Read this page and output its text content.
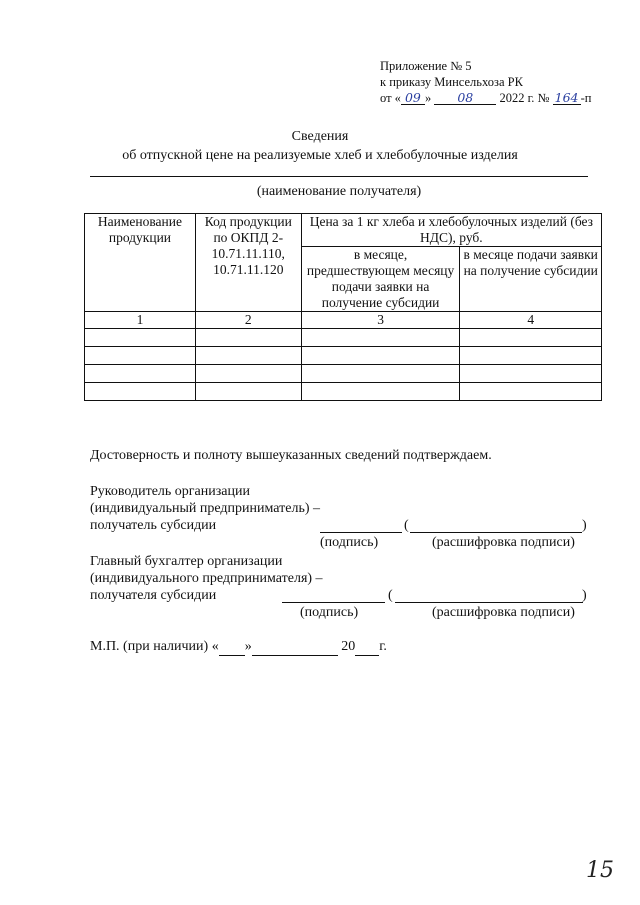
Приложение № 5
к приказу Минсельхоза РК
от « 09 » 08 2022 г. № 164 -п
Сведения
об отпускной цене на реализуемые хлеб и хлебобулочные изделия
(наименование получателя)
Наименование продукции	Код продукции по ОКПД 2-10.71.11.110, 10.71.11.120	Цена за 1 кг хлеба и хлебобулочных изделий (без НДС), руб.	
		в месяце, предшествующем месяцу подачи заявки на получение субсидии	в месяце подачи заявки на получение субсидии
1	2	3	4

Достоверность и полноту вышеуказанных сведений подтверждаем.
Руководитель организации
(индивидуальный предприниматель) –
получатель субсидии	(	)
(подпись)	(расшифровка подписи)
Главный бухгалтер организации
(индивидуального предпринимателя) –
получателя субсидии	(	)
(подпись)	(расшифровка подписи)
М.П. (при наличии) « »	20 г.
15
